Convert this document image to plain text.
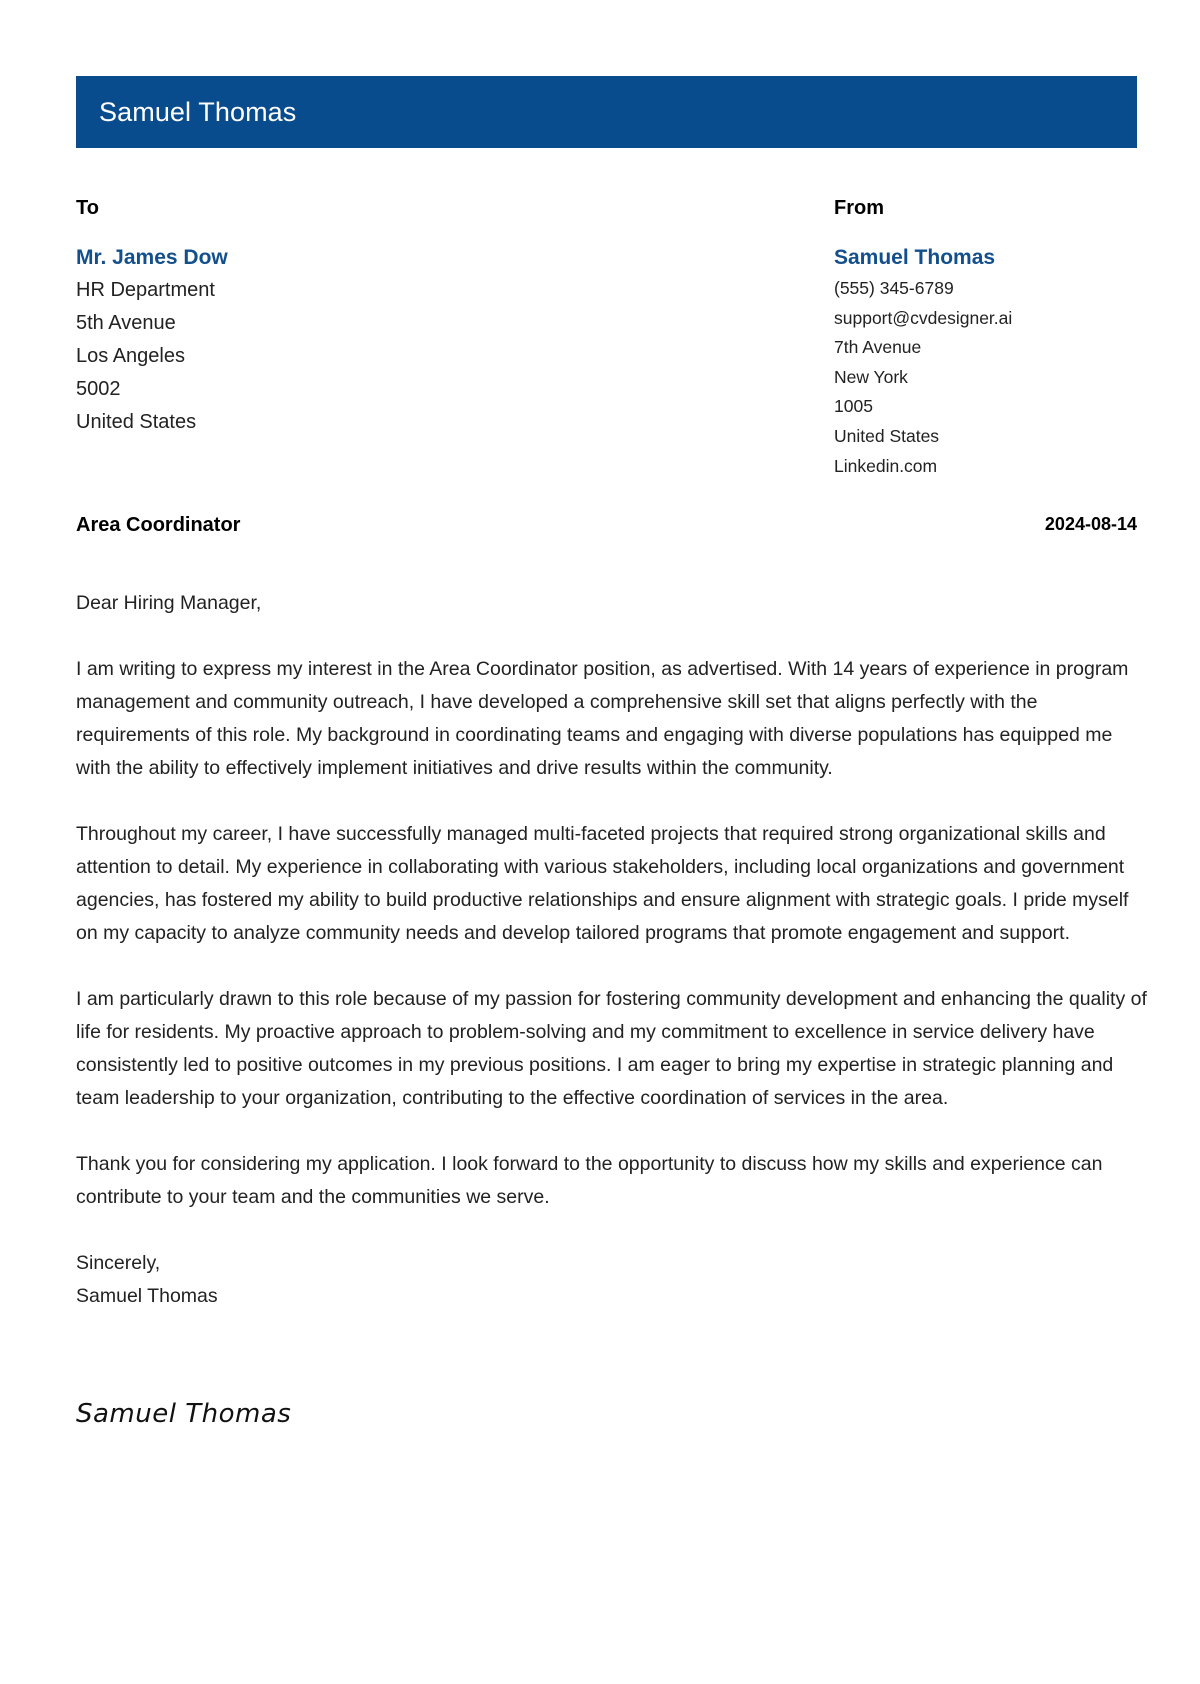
Samuel Thomas
To
Mr. James Dow
HR Department
5th Avenue
Los Angeles
5002
United States
From
Samuel Thomas
(555) 345-6789
support@cvdesigner.ai
7th Avenue
New York
1005
United States
Linkedin.com
Area Coordinator	2024-08-14

Dear Hiring Manager,

I am writing to express my interest in the Area Coordinator position, as advertised. With 14 years of experience in program management and community outreach, I have developed a comprehensive skill set that aligns perfectly with the requirements of this role. My background in coordinating teams and engaging with diverse populations has equipped me with the ability to effectively implement initiatives and drive results within the community.

Throughout my career, I have successfully managed multi-faceted projects that required strong organizational skills and attention to detail. My experience in collaborating with various stakeholders, including local organizations and government agencies, has fostered my ability to build productive relationships and ensure alignment with strategic goals. I pride myself on my capacity to analyze community needs and develop tailored programs that promote engagement and support.

I am particularly drawn to this role because of my passion for fostering community development and enhancing the quality of life for residents. My proactive approach to problem-solving and my commitment to excellence in service delivery have consistently led to positive outcomes in my previous positions. I am eager to bring my expertise in strategic planning and team leadership to your organization, contributing to the effective coordination of services in the area.

Thank you for considering my application. I look forward to the opportunity to discuss how my skills and experience can contribute to your team and the communities we serve.

Sincerely,

Samuel Thomas

Samuel Thomas
